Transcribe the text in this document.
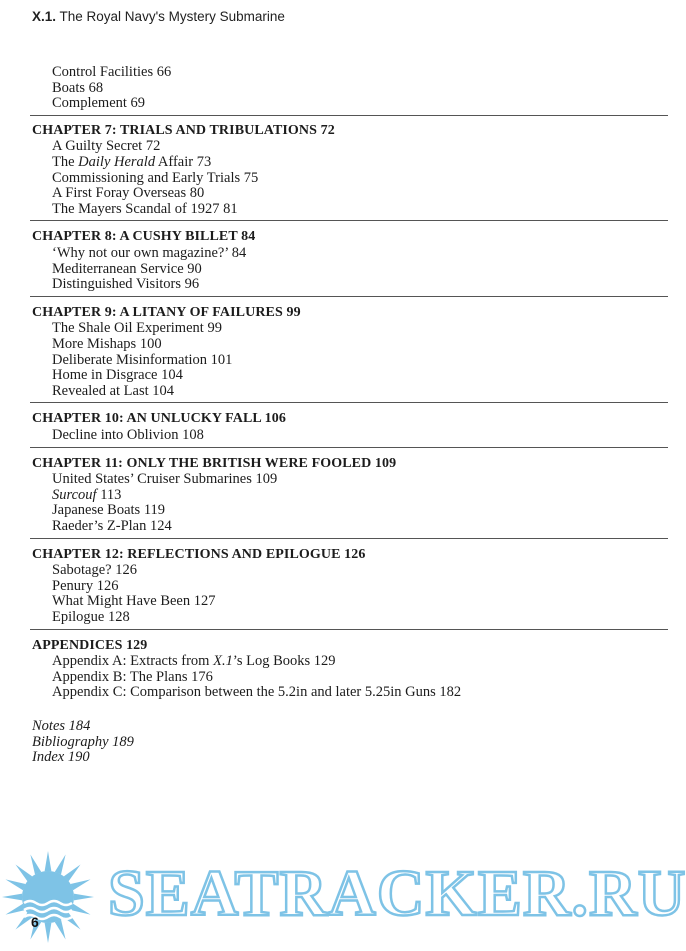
X.1. The Royal Navy's Mystery Submarine
Control Facilities 66
Boats 68
Complement 69
CHAPTER 7: TRIALS AND TRIBULATIONS 72
A Guilty Secret 72
The Daily Herald Affair 73
Commissioning and Early Trials 75
A First Foray Overseas 80
The Mayers Scandal of 1927 81
CHAPTER 8: A CUSHY BILLET 84
‘Why not our own magazine?’ 84
Mediterranean Service 90
Distinguished Visitors 96
CHAPTER 9: A LITANY OF FAILURES 99
The Shale Oil Experiment 99
More Mishaps 100
Deliberate Misinformation 101
Home in Disgrace 104
Revealed at Last 104
CHAPTER 10: AN UNLUCKY FALL 106
Decline into Oblivion 108
CHAPTER 11: ONLY THE BRITISH WERE FOOLED 109
United States’ Cruiser Submarines 109
Surcouf 113
Japanese Boats 119
Raeder’s Z-Plan 124
CHAPTER 12: REFLECTIONS AND EPILOGUE 126
Sabotage? 126
Penury 126
What Might Have Been 127
Epilogue 128
APPENDICES 129
Appendix A: Extracts from X.1’s Log Books 129
Appendix B: The Plans 176
Appendix C: Comparison between the 5.2in and later 5.25in Guns 182
Notes 184
Bibliography 189
Index 190
SEATRACKER.RU
6
